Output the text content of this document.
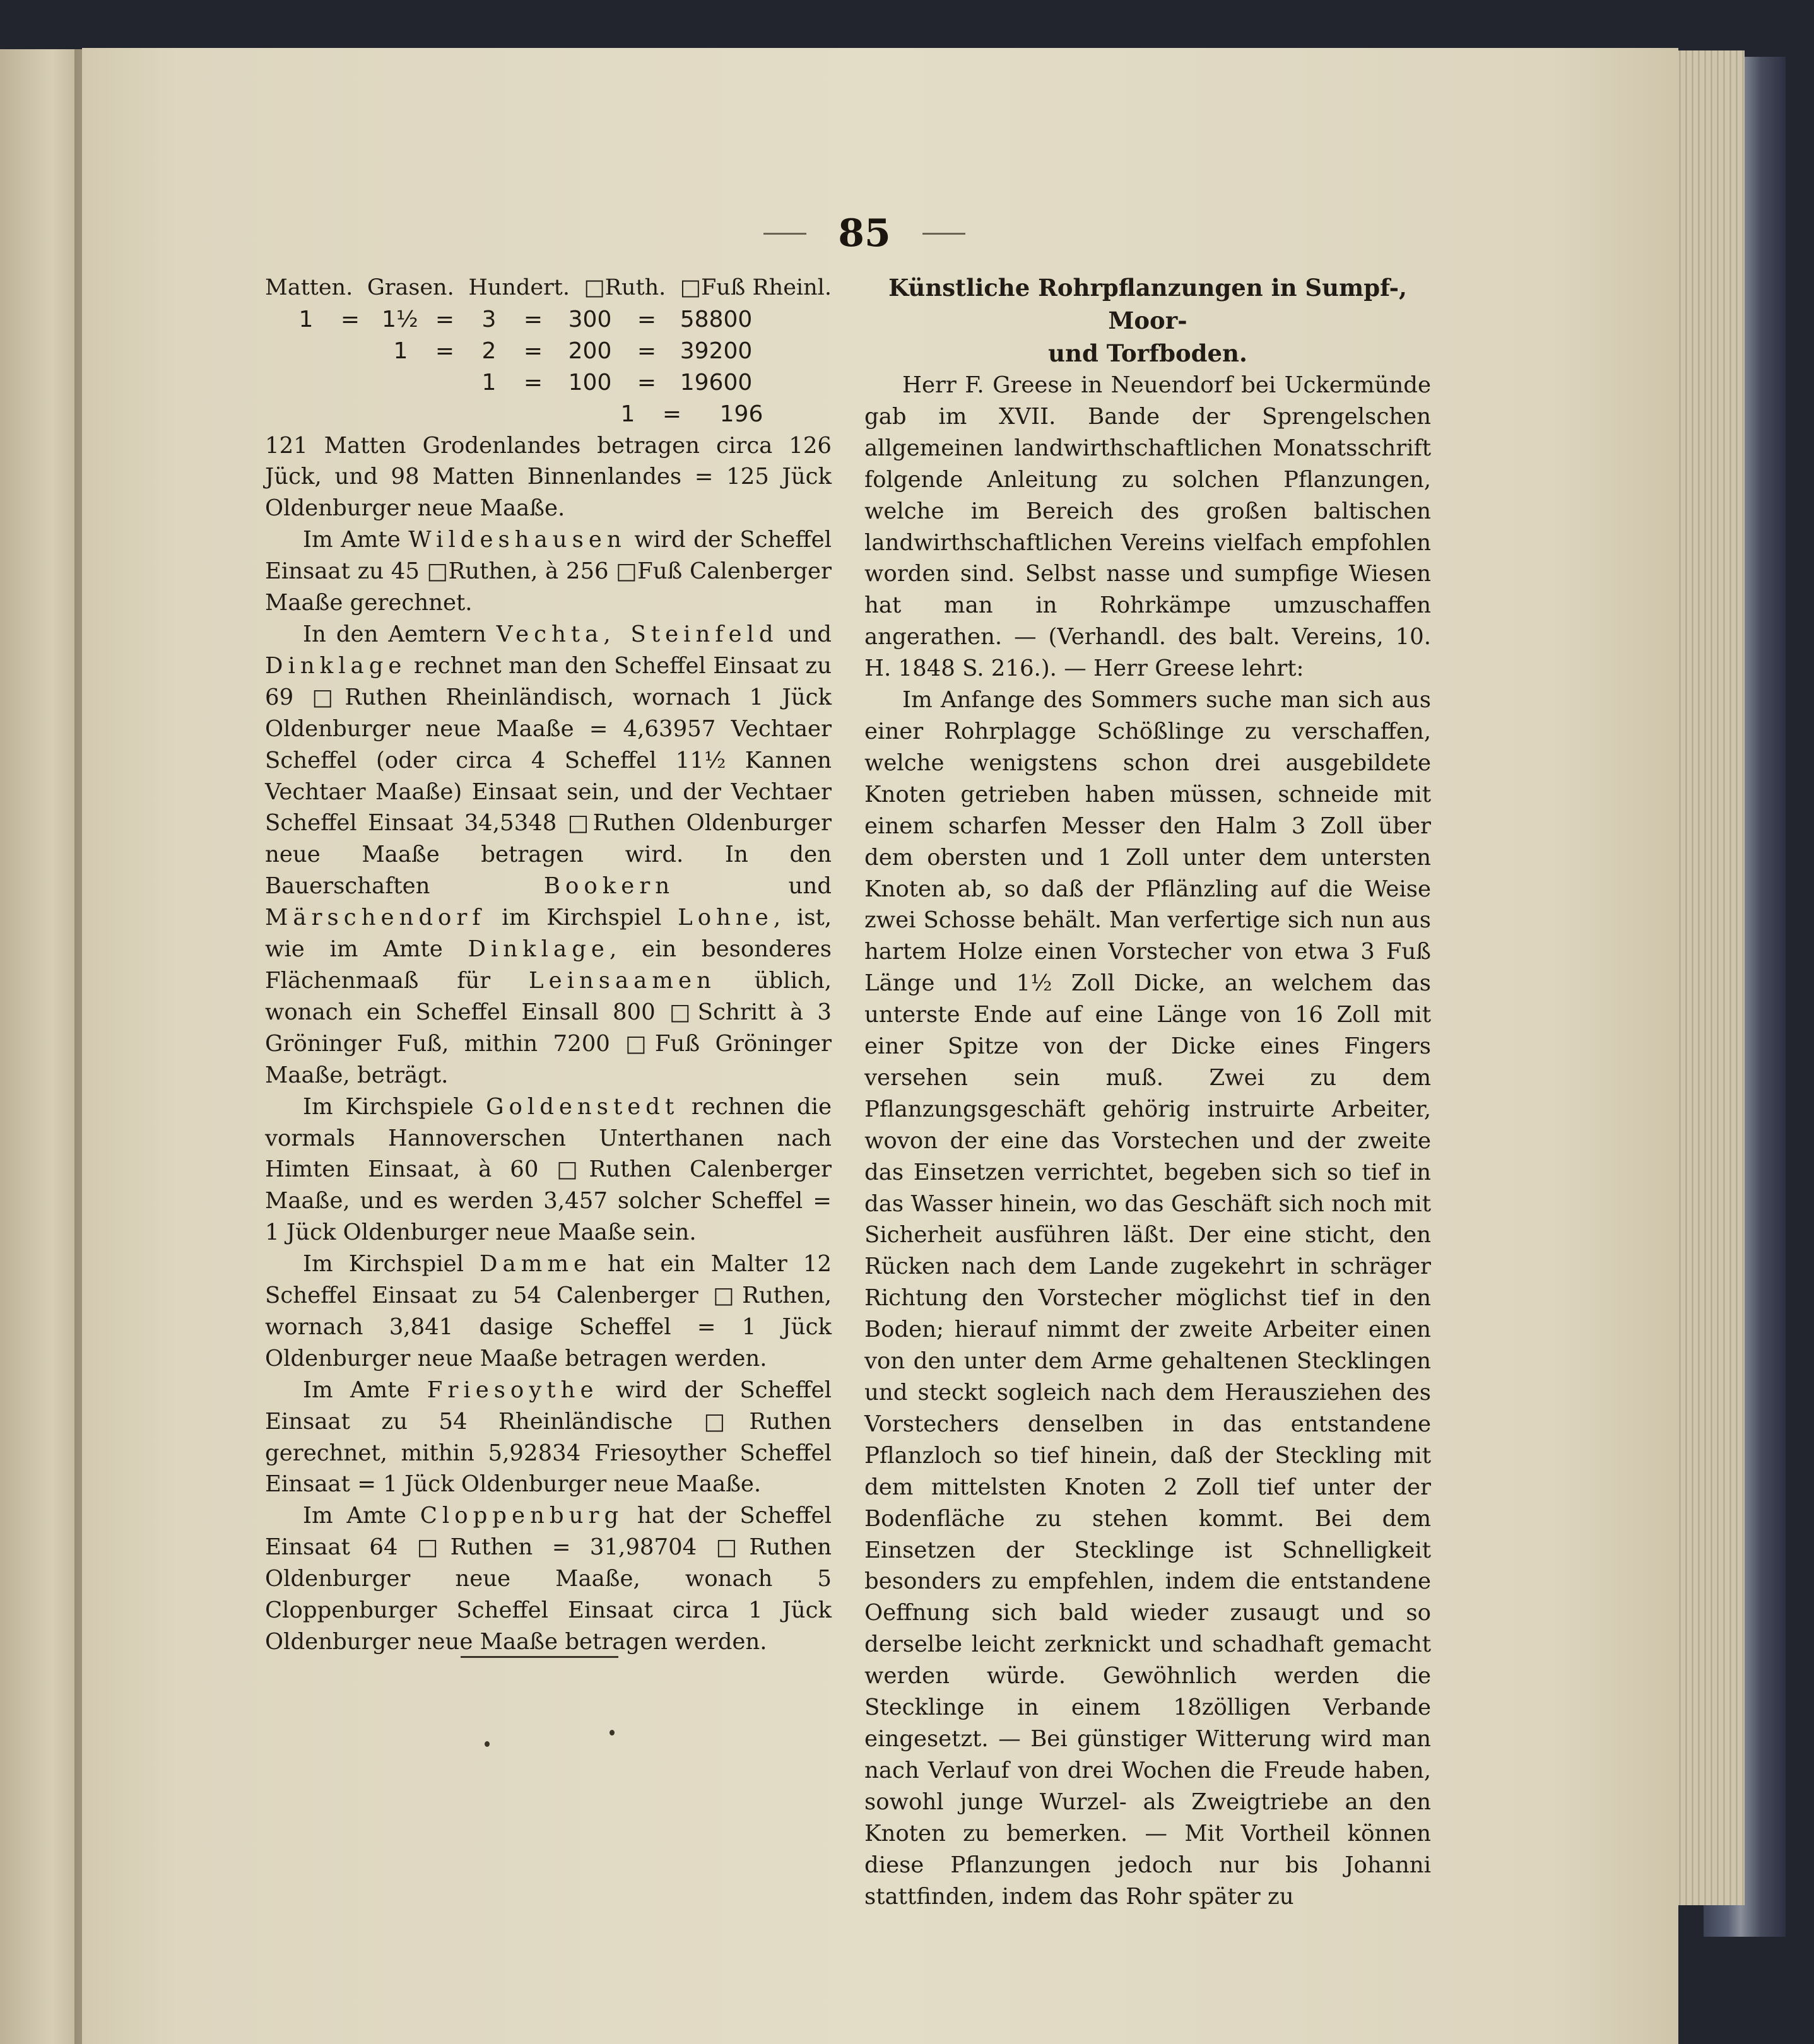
85
Matten. Grasen. Hundert. □Ruth. □Fuß Rheinl.
1	= 1½ =	3	=	300	=	58800
1	=	2	=	200	=	39200
1	=	100	=	19600
1	=	196

121 Matten Grodenlandes betragen circa 126 Jück, und 98 Matten Binnenlandes = 125 Jück Oldenburger neue Maaße.

Im Amte Wildeshausen wird der Scheffel Einsaat zu 45 □Ruthen, à 256 □Fuß Calenberger Maaße gerechnet.

In den Aemtern Vechta, Steinfeld und Dinklage rechnet man den Scheffel Einsaat zu 69 □Ruthen Rheinländisch, wornach 1 Jück Oldenburger neue Maaße = 4,63957 Vechtaer Scheffel (oder circa 4 Scheffel 11½ Kannen Vechtaer Maaße) Einsaat sein, und der Vechtaer Scheffel Einsaat 34,5348 □Ruthen Oldenburger neue Maaße betragen wird. In den Bauerschaften Bookern und Märschendorf im Kirchspiel Lohne, ist, wie im Amte Dinklage, ein besonderes Flächenmaaß für Leinsaamen üblich, wonach ein Scheffel Einsall 800 □Schritt à 3 Gröninger Fuß, mithin 7200 □Fuß Gröninger Maaße, beträgt.

Im Kirchspiele Goldenstedt rechnen die vormals Hannoverschen Unterthanen nach Himten Einsaat, à 60 □Ruthen Calenberger Maaße, und es werden 3,457 solcher Scheffel = 1 Jück Oldenburger neue Maaße sein.

Im Kirchspiel Damme hat ein Malter 12 Scheffel Einsaat zu 54 Calenberger □Ruthen, wornach 3,841 dasige Scheffel = 1 Jück Oldenburger neue Maaße betragen werden.

Im Amte Friesoythe wird der Scheffel Einsaat zu 54 Rheinländische □Ruthen gerechnet, mithin 5,92834 Friesoyther Scheffel Einsaat = 1 Jück Oldenburger neue Maaße.

Im Amte Cloppenburg hat der Scheffel Einsaat 64 □Ruthen = 31,98704 □Ruthen Oldenburger neue Maaße, wonach 5 Cloppenburger Scheffel Einsaat circa 1 Jück Oldenburger neue Maaße betragen werden.

Künstliche Rohrpflanzungen in Sumpf-, Moor-

und Torfboden.

Herr F. Greese in Neuendorf bei Uckermünde gab im XVII. Bande der Sprengelschen allgemeinen landwirthschaftlichen Monatsschrift folgende Anleitung zu solchen Pflanzungen, welche im Bereich des großen baltischen landwirthschaftlichen Vereins vielfach empfohlen worden sind. Selbst nasse und sumpfige Wiesen hat man in Rohrkämpe umzuschaffen angerathen. — (Verhandl. des balt. Vereins, 10. H. 1848 S. 216.). — Herr Greese lehrt:

Im Anfange des Sommers suche man sich aus einer Rohrplagge Schößlinge zu verschaffen, welche wenigstens schon drei ausgebildete Knoten getrieben haben müssen, schneide mit einem scharfen Messer den Halm 3 Zoll über dem obersten und 1 Zoll unter dem untersten Knoten ab, so daß der Pflänzling auf die Weise zwei Schosse behält. Man verfertige sich nun aus hartem Holze einen Vorstecher von etwa 3 Fuß Länge und 1½ Zoll Dicke, an welchem das unterste Ende auf eine Länge von 16 Zoll mit einer Spitze von der Dicke eines Fingers versehen sein muß. Zwei zu dem Pflanzungsgeschäft gehörig instruirte Arbeiter, wovon der eine das Vorstechen und der zweite das Einsetzen verrichtet, begeben sich so tief in das Wasser hinein, wo das Geschäft sich noch mit Sicherheit ausführen läßt. Der eine sticht, den Rücken nach dem Lande zugekehrt in schräger Richtung den Vorstecher möglichst tief in den Boden; hierauf nimmt der zweite Arbeiter einen von den unter dem Arme gehaltenen Stecklingen und steckt sogleich nach dem Herausziehen des Vorstechers denselben in das entstandene Pflanzloch so tief hinein, daß der Steckling mit dem mittelsten Knoten 2 Zoll tief unter der Bodenfläche zu stehen kommt. Bei dem Einsetzen der Stecklinge ist Schnelligkeit besonders zu empfehlen, indem die entstandene Oeffnung sich bald wieder zusaugt und so derselbe leicht zerknickt und schadhaft gemacht werden würde. Gewöhnlich werden die Stecklinge in einem 18zölligen Verbande eingesetzt. — Bei günstiger Witterung wird man nach Verlauf von drei Wochen die Freude haben, sowohl junge Wurzel- als Zweigtriebe an den Knoten zu bemerken. — Mit Vortheil können diese Pflanzungen jedoch nur bis Johanni stattfinden, indem das Rohr später zu
